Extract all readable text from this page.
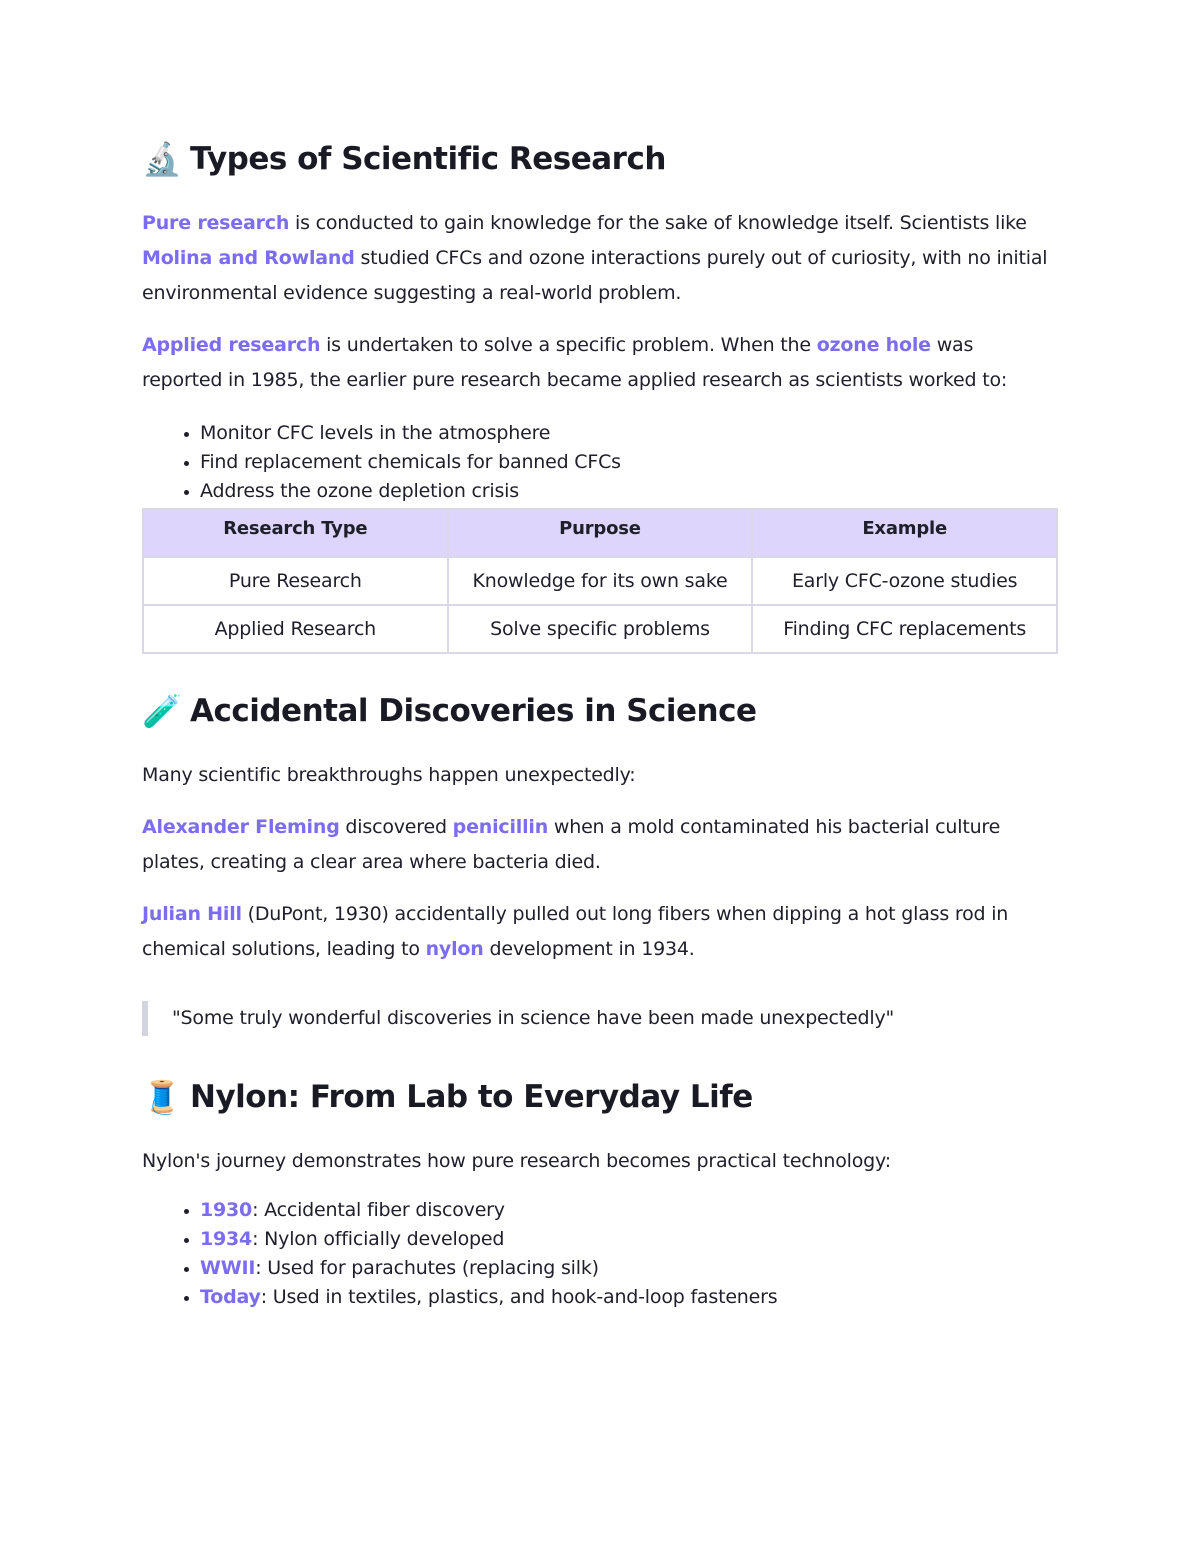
🔬 Types of Scientific Research

Pure research is conducted to gain knowledge for the sake of knowledge itself. Scientists like Molina and Rowland studied CFCs and ozone interactions purely out of curiosity, with no initial environmental evidence suggesting a real-world problem.

Applied research is undertaken to solve a specific problem. When the ozone hole was reported in 1985, the earlier pure research became applied research as scientists worked to:

• Monitor CFC levels in the atmosphere
• Find replacement chemicals for banned CFCs
• Address the ozone depletion crisis
Research Type	Purpose	Example
Pure Research	Knowledge for its own sake	Early CFC-ozone studies
Applied Research	Solve specific problems	Finding CFC replacements
🧪 Accidental Discoveries in Science

Many scientific breakthroughs happen unexpectedly:

Alexander Fleming discovered penicillin when a mold contaminated his bacterial culture plates, creating a clear area where bacteria died.

Julian Hill (DuPont, 1930) accidentally pulled out long fibers when dipping a hot glass rod in chemical solutions, leading to nylon development in 1934.

"Some truly wonderful discoveries in science have been made unexpectedly"
🧵 Nylon: From Lab to Everyday Life

Nylon's journey demonstrates how pure research becomes practical technology:

• 1930: Accidental fiber discovery
• 1934: Nylon officially developed
• WWII: Used for parachutes (replacing silk)
• Today: Used in textiles, plastics, and hook-and-loop fasteners
